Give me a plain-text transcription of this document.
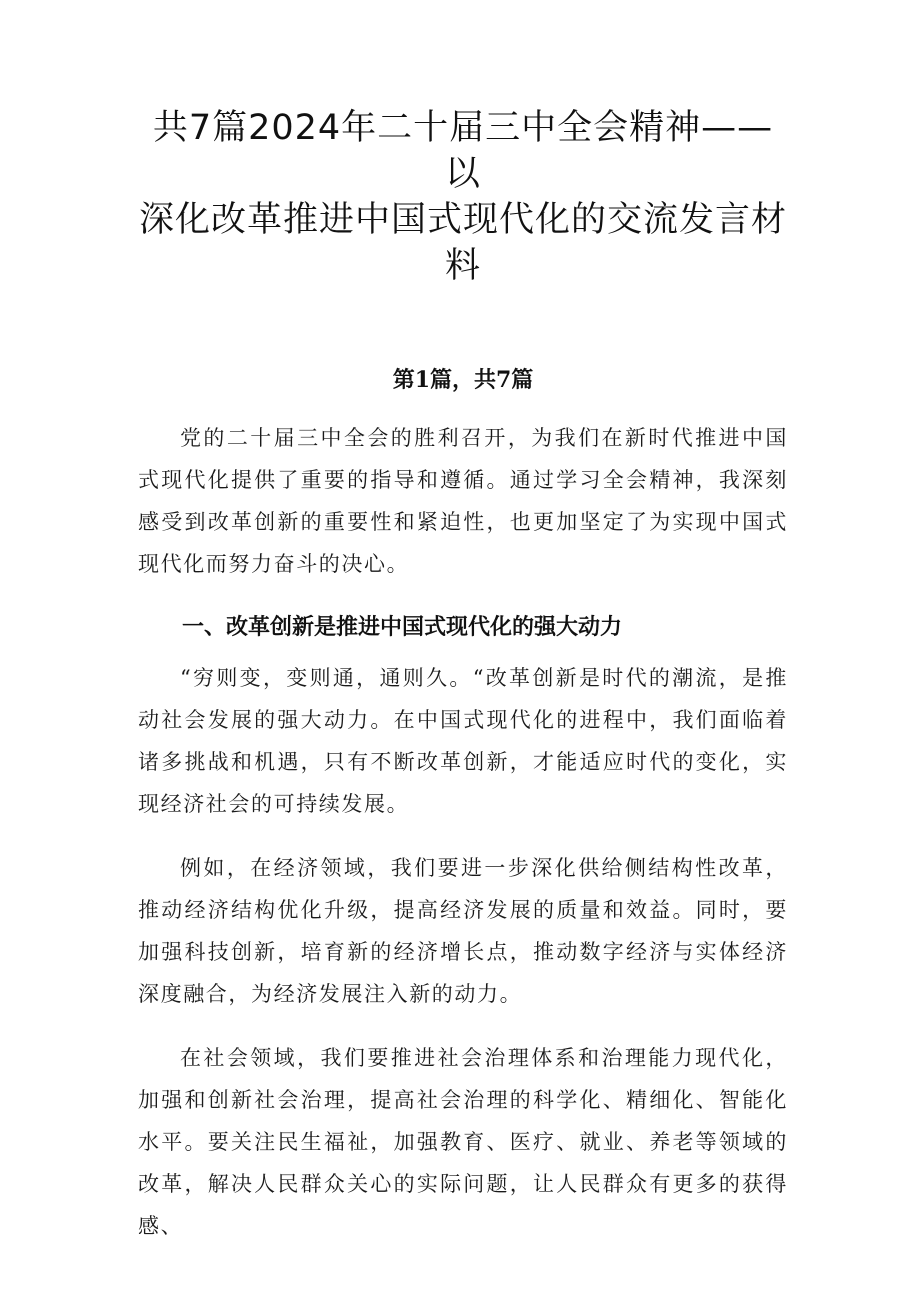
共7篇2024年二十届三中全会精神——以
深化改革推进中国式现代化的交流发言材
料
第1篇，共7篇

党的二十届三中全会的胜利召开，为我们在新时代推进中国式现代化提供了重要的指导和遵循。通过学习全会精神，我深刻感受到改革创新的重要性和紧迫性，也更加坚定了为实现中国式现代化而努力奋斗的决心。

一、改革创新是推进中国式现代化的强大动力

“穷则变，变则通，通则久。“改革创新是时代的潮流，是推动社会发展的强大动力。在中国式现代化的进程中，我们面临着诸多挑战和机遇，只有不断改革创新，才能适应时代的变化，实现经济社会的可持续发展。

例如，在经济领域，我们要进一步深化供给侧结构性改革，推动经济结构优化升级，提高经济发展的质量和效益。同时，要加强科技创新，培育新的经济增长点，推动数字经济与实体经济深度融合，为经济发展注入新的动力。

在社会领域，我们要推进社会治理体系和治理能力现代化，加强和创新社会治理，提高社会治理的科学化、精细化、智能化水平。要关注民生福祉，加强教育、医疗、就业、养老等领域的改革，解决人民群众关心的实际问题，让人民群众有更多的获得感、
